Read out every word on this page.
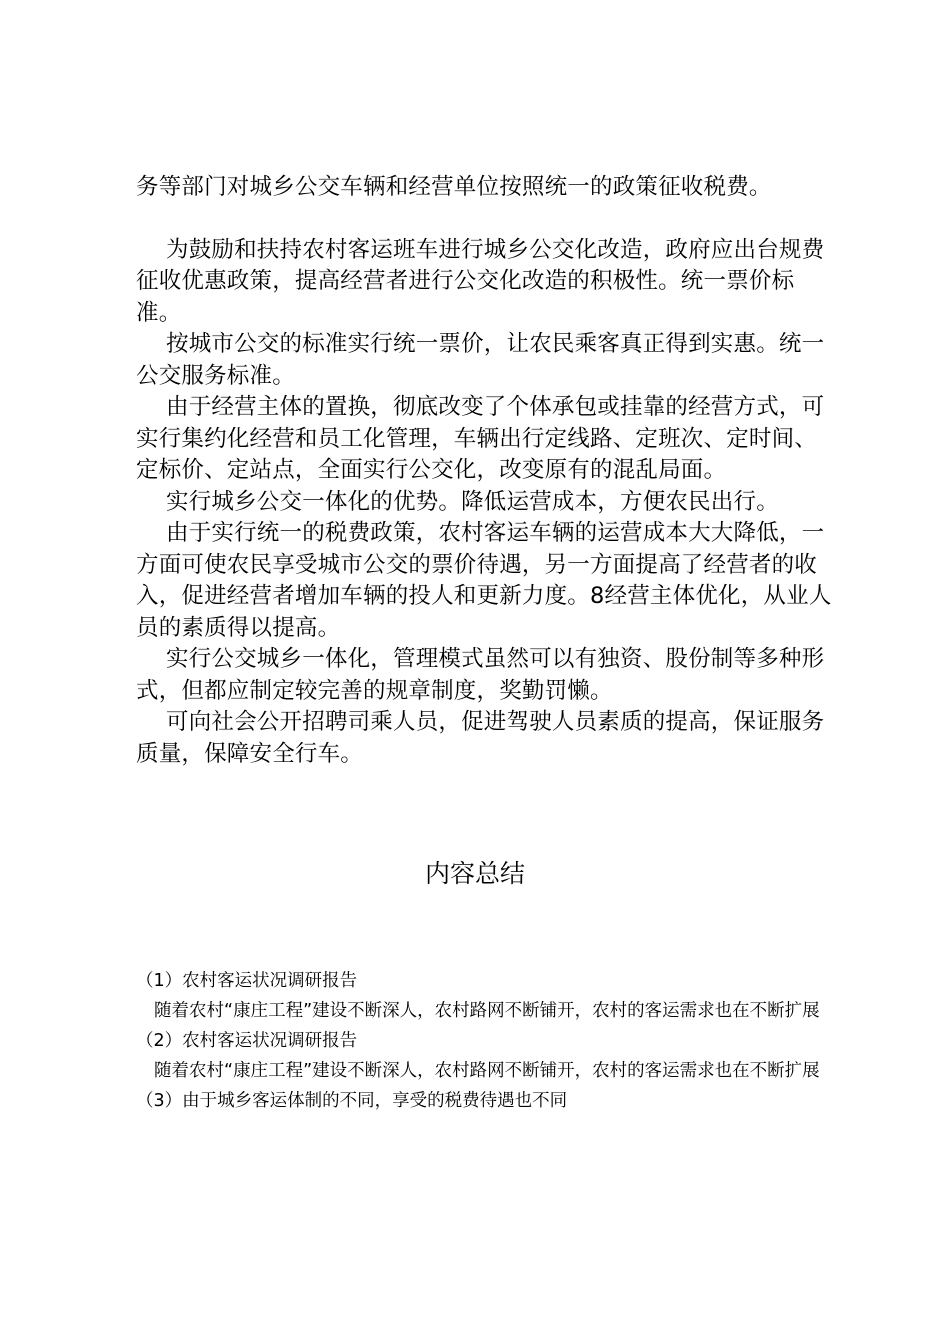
务等部门对城乡公交车辆和经营单位按照统一的政策征收税费。

为鼓励和扶持农村客运班车进行城乡公交化改造，政府应出台规费征收优惠政策，提高经营者进行公交化改造的积极性。统一票价标准。

按城市公交的标准实行统一票价，让农民乘客真正得到实惠。统一公交服务标准。

由于经营主体的置换，彻底改变了个体承包或挂靠的经营方式，可实行集约化经营和员工化管理，车辆出行定线路、定班次、定时间、定标价、定站点，全面实行公交化，改变原有的混乱局面。

实行城乡公交一体化的优势。降低运营成本，方便农民出行。

由于实行统一的税费政策，农村客运车辆的运营成本大大降低，一方面可使农民享受城市公交的票价待遇，另一方面提高了经营者的收入，促进经营者增加车辆的投人和更新力度。8经营主体优化，从业人员的素质得以提高。

实行公交城乡一体化，管理模式虽然可以有独资、股份制等多种形式，但都应制定较完善的规章制度，奖勤罚懒。

可向社会公开招聘司乘人员，促进驾驶人员素质的提高，保证服务质量，保障安全行车。

内容总结

（1）农村客运状况调研报告

随着农村“康庄工程”建设不断深人，农村路网不断铺开，农村的客运需求也在不断扩展

（2）农村客运状况调研报告

随着农村“康庄工程”建设不断深人，农村路网不断铺开，农村的客运需求也在不断扩展

（3）由于城乡客运体制的不同，享受的税费待遇也不同
